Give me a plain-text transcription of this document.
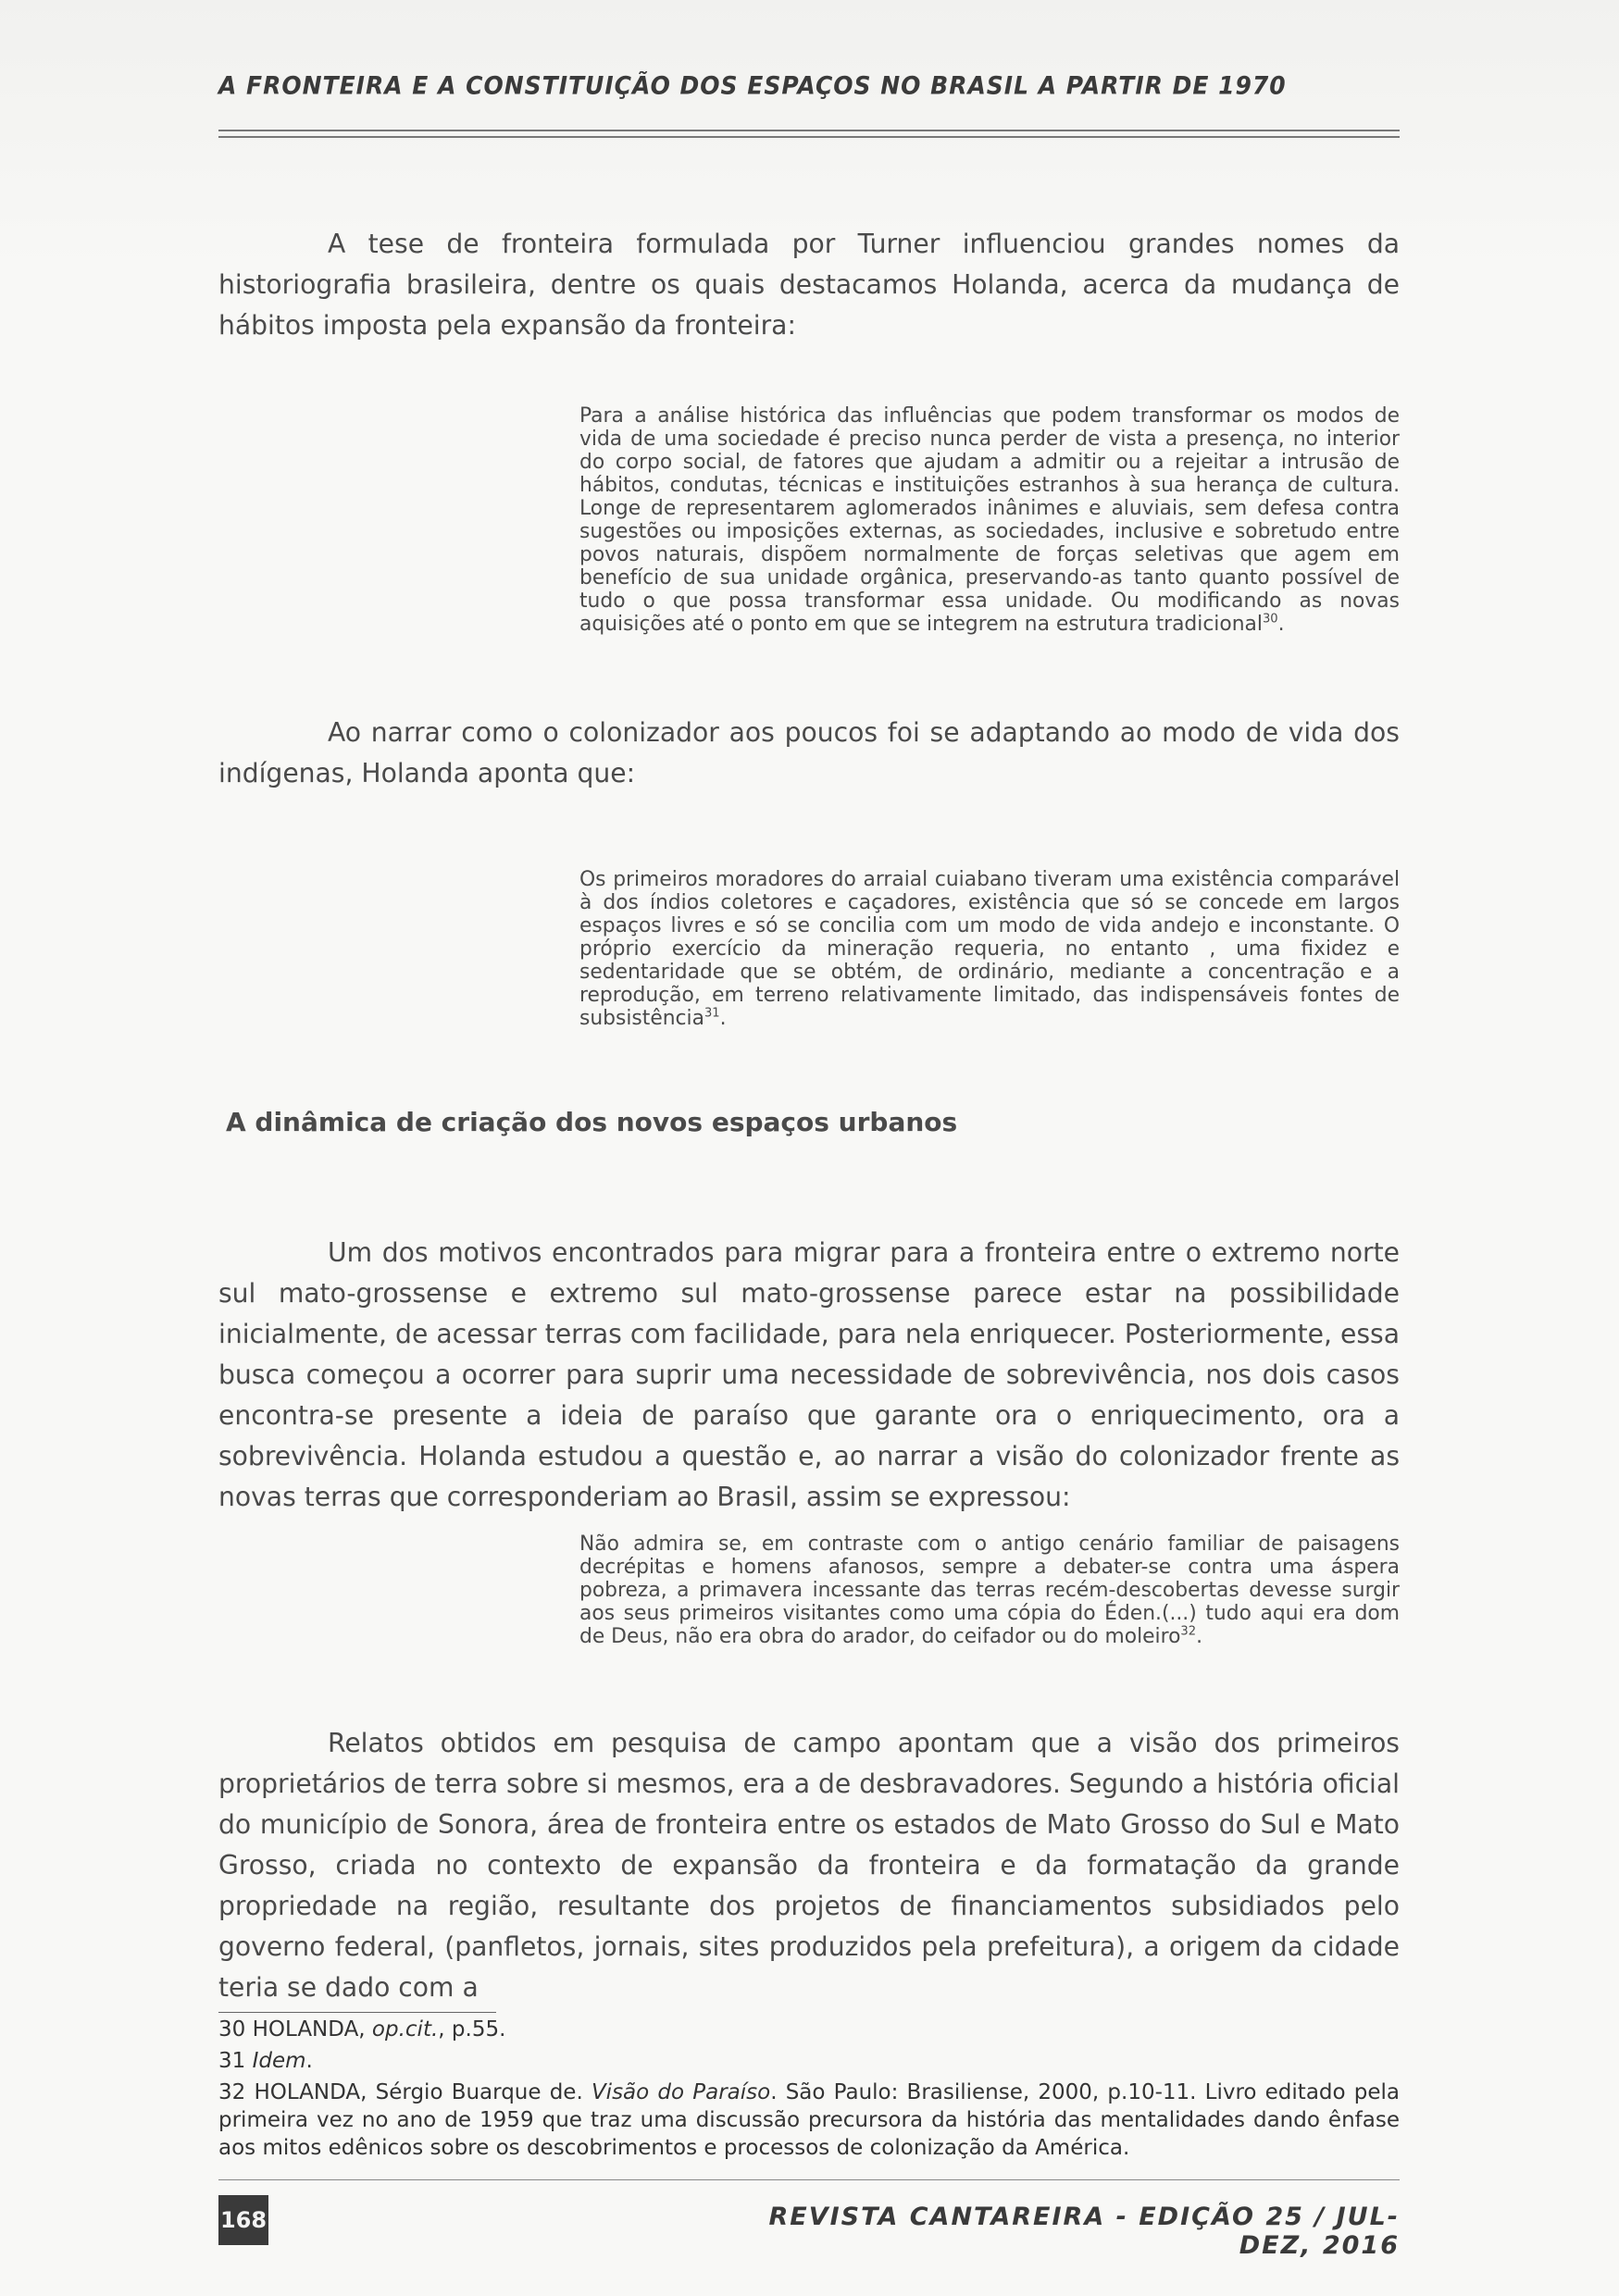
A FRONTEIRA E A CONSTITUIÇÃO DOS ESPAÇOS NO BRASIL A PARTIR DE 1970

A tese de fronteira formulada por Turner influenciou grandes nomes da historiografia brasileira, dentre os quais destacamos Holanda, acerca da mudança de hábitos imposta pela expansão da fronteira:

Para a análise histórica das influências que podem transformar os modos de vida de uma sociedade é preciso nunca perder de vista a presença, no interior do corpo social, de fatores que ajudam a admitir ou a rejeitar a intrusão de hábitos, condutas, técnicas e instituições estranhos à sua herança de cultura. Longe de representarem aglomerados inânimes e aluviais, sem defesa contra sugestões ou imposições externas, as sociedades, inclusive e sobretudo entre povos naturais, dispõem normalmente de forças seletivas que agem em benefício de sua unidade orgânica, preservando-as tanto quanto possível de tudo o que possa transformar essa unidade. Ou modificando as novas aquisições até o ponto em que se integrem na estrutura tradicional$^{30}$.

Ao narrar como o colonizador aos poucos foi se adaptando ao modo de vida dos indígenas, Holanda aponta que:

Os primeiros moradores do arraial cuiabano tiveram uma existência comparável à dos índios coletores e caçadores, existência que só se concede em largos espaços livres e só se concilia com um modo de vida andejo e inconstante. O próprio exercício da mineração requeria, no entanto , uma fixidez e sedentaridade que se obtém, de ordinário, mediante a concentração e a reprodução, em terreno relativamente limitado, das indispensáveis fontes de subsistência$^{31}$.

A dinâmica de criação dos novos espaços urbanos

Um dos motivos encontrados para migrar para a fronteira entre o extremo norte sul mato-grossense e extremo sul mato-grossense parece estar na possibilidade inicialmente, de acessar terras com facilidade, para nela enriquecer. Posteriormente, essa busca começou a ocorrer para suprir uma necessidade de sobrevivência, nos dois casos encontra-se presente a ideia de paraíso que garante ora o enriquecimento, ora a sobrevivência. Holanda estudou a questão e, ao narrar a visão do colonizador frente as novas terras que corresponderiam ao Brasil, assim se expressou:

Não admira se, em contraste com o antigo cenário familiar de paisagens decrépitas e homens afanosos, sempre a debater-se contra uma áspera pobreza, a primavera incessante das terras recém-descobertas devesse surgir aos seus primeiros visitantes como uma cópia do Éden.(...) tudo aqui era dom de Deus, não era obra do arador, do ceifador ou do moleiro$^{32}$.

Relatos obtidos em pesquisa de campo apontam que a visão dos primeiros proprietários de terra sobre si mesmos, era a de desbravadores. Segundo a história oficial do município de Sonora, área de fronteira entre os estados de Mato Grosso do Sul e Mato Grosso, criada no contexto de expansão da fronteira e da formatação da grande propriedade na região, resultante dos projetos de financiamentos subsidiados pelo governo federal, (panfletos, jornais, sites produzidos pela prefeitura), a origem da cidade teria se dado com a

30 HOLANDA, op.cit., p.55.

31 Idem.

32 HOLANDA, Sérgio Buarque de. Visão do Paraíso. São Paulo: Brasiliense, 2000, p.10-11. Livro editado pela primeira vez no ano de 1959 que traz uma discussão precursora da história das mentalidades dando ênfase aos mitos edênicos sobre os descobrimentos e processos de colonização da América.

168	REVISTA CANTAREIRA - EDIÇÃO 25 / JUL-DEZ, 2016
